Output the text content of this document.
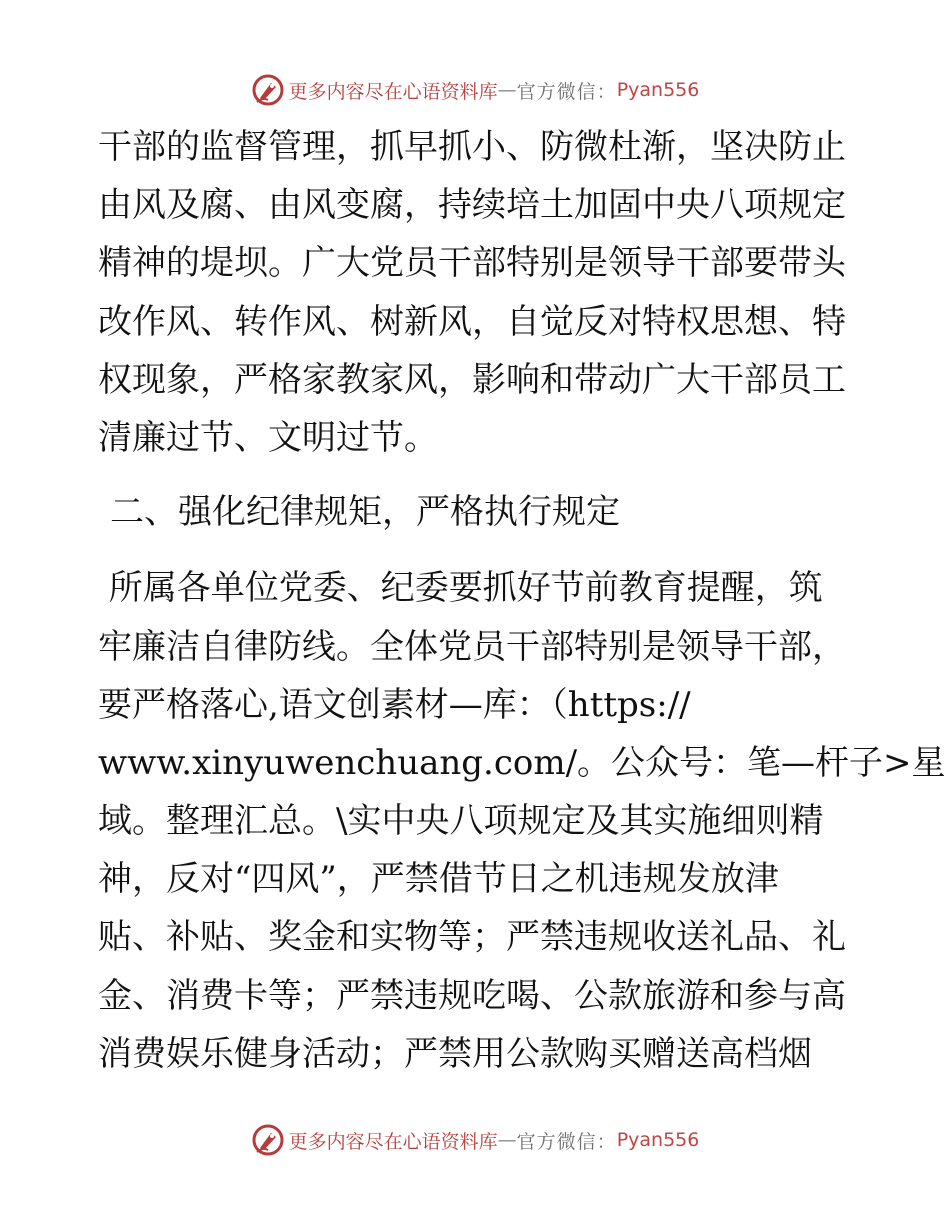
更多内容尽在心语资料库 — 官方微信： Pyan556
干部的监督管理，抓早抓小、防微杜渐，坚决防止
由风及腐、由风变腐，持续培土加固中央八项规定
精神的堤坝。广大党员干部特别是领导干部要带头
改作风、转作风、树新风，自觉反对特权思想、特
权现象，严格家教家风，影响和带动广大干部员工
清廉过节、文明过节。
二、强化纪律规矩，严格执行规定
所属各单位党委、纪委要抓好节前教育提醒，筑
牢廉洁自律防线。全体党员干部特别是领导干部，
要严格落心,语文创素材—库：（https://
www.xinyuwenchuang.com/。公众号：笔—杆子>星
域。整理汇总。\实中央八项规定及其实施细则精
神，反对“四风”，严禁借节日之机违规发放津
贴、补贴、奖金和实物等；严禁违规收送礼品、礼
金、消费卡等；严禁违规吃喝、公款旅游和参与高
消费娱乐健身活动；严禁用公款购买赠送高档烟
更多内容尽在心语资料库 — 官方微信： Pyan556
